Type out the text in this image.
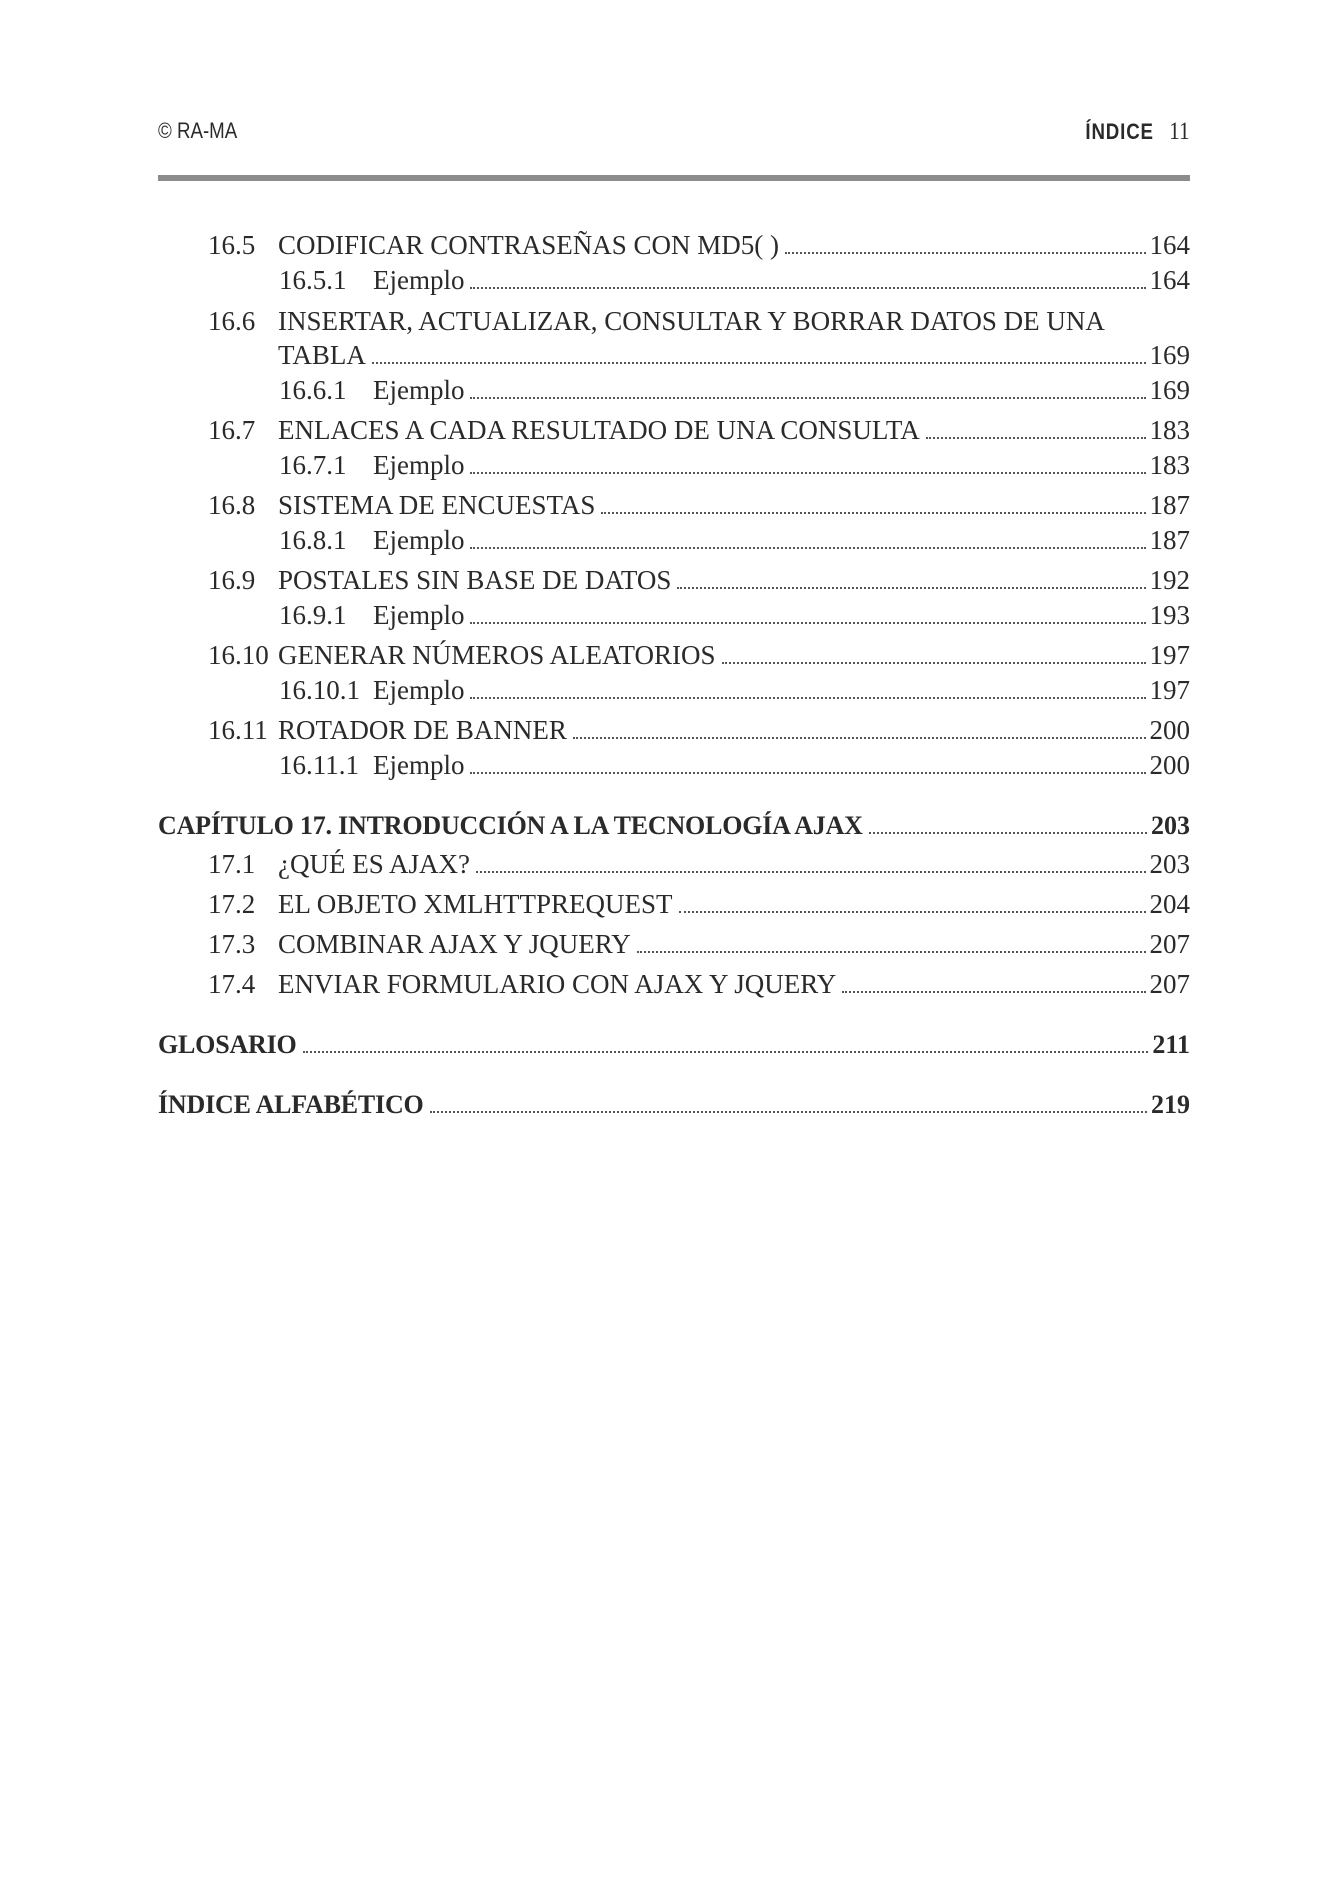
© RA-MA	ÍNDICE 11
16.5 CODIFICAR CONTRASEÑAS CON MD5( )	164
16.5.1 Ejemplo	164
16.6 INSERTAR, ACTUALIZAR, CONSULTAR Y BORRAR DATOS DE UNA
TABLA	169
16.6.1 Ejemplo	169
16.7 ENLACES A CADA RESULTADO DE UNA CONSULTA	183
16.7.1 Ejemplo	183
16.8 SISTEMA DE ENCUESTAS	187
16.8.1 Ejemplo	187
16.9 POSTALES SIN BASE DE DATOS	192
16.9.1 Ejemplo	193
16.10 GENERAR NÚMEROS ALEATORIOS	197
16.10.1 Ejemplo	197
16.11 ROTADOR DE BANNER	200
16.11.1 Ejemplo	200
CAPÍTULO 17. INTRODUCCIÓN A LA TECNOLOGÍA AJAX	203
17.1 ¿QUÉ ES AJAX?	203
17.2 EL OBJETO XMLHTTPREQUEST	204
17.3 COMBINAR AJAX Y JQUERY	207
17.4 ENVIAR FORMULARIO CON AJAX Y JQUERY	207
GLOSARIO	211
ÍNDICE ALFABÉTICO	219
